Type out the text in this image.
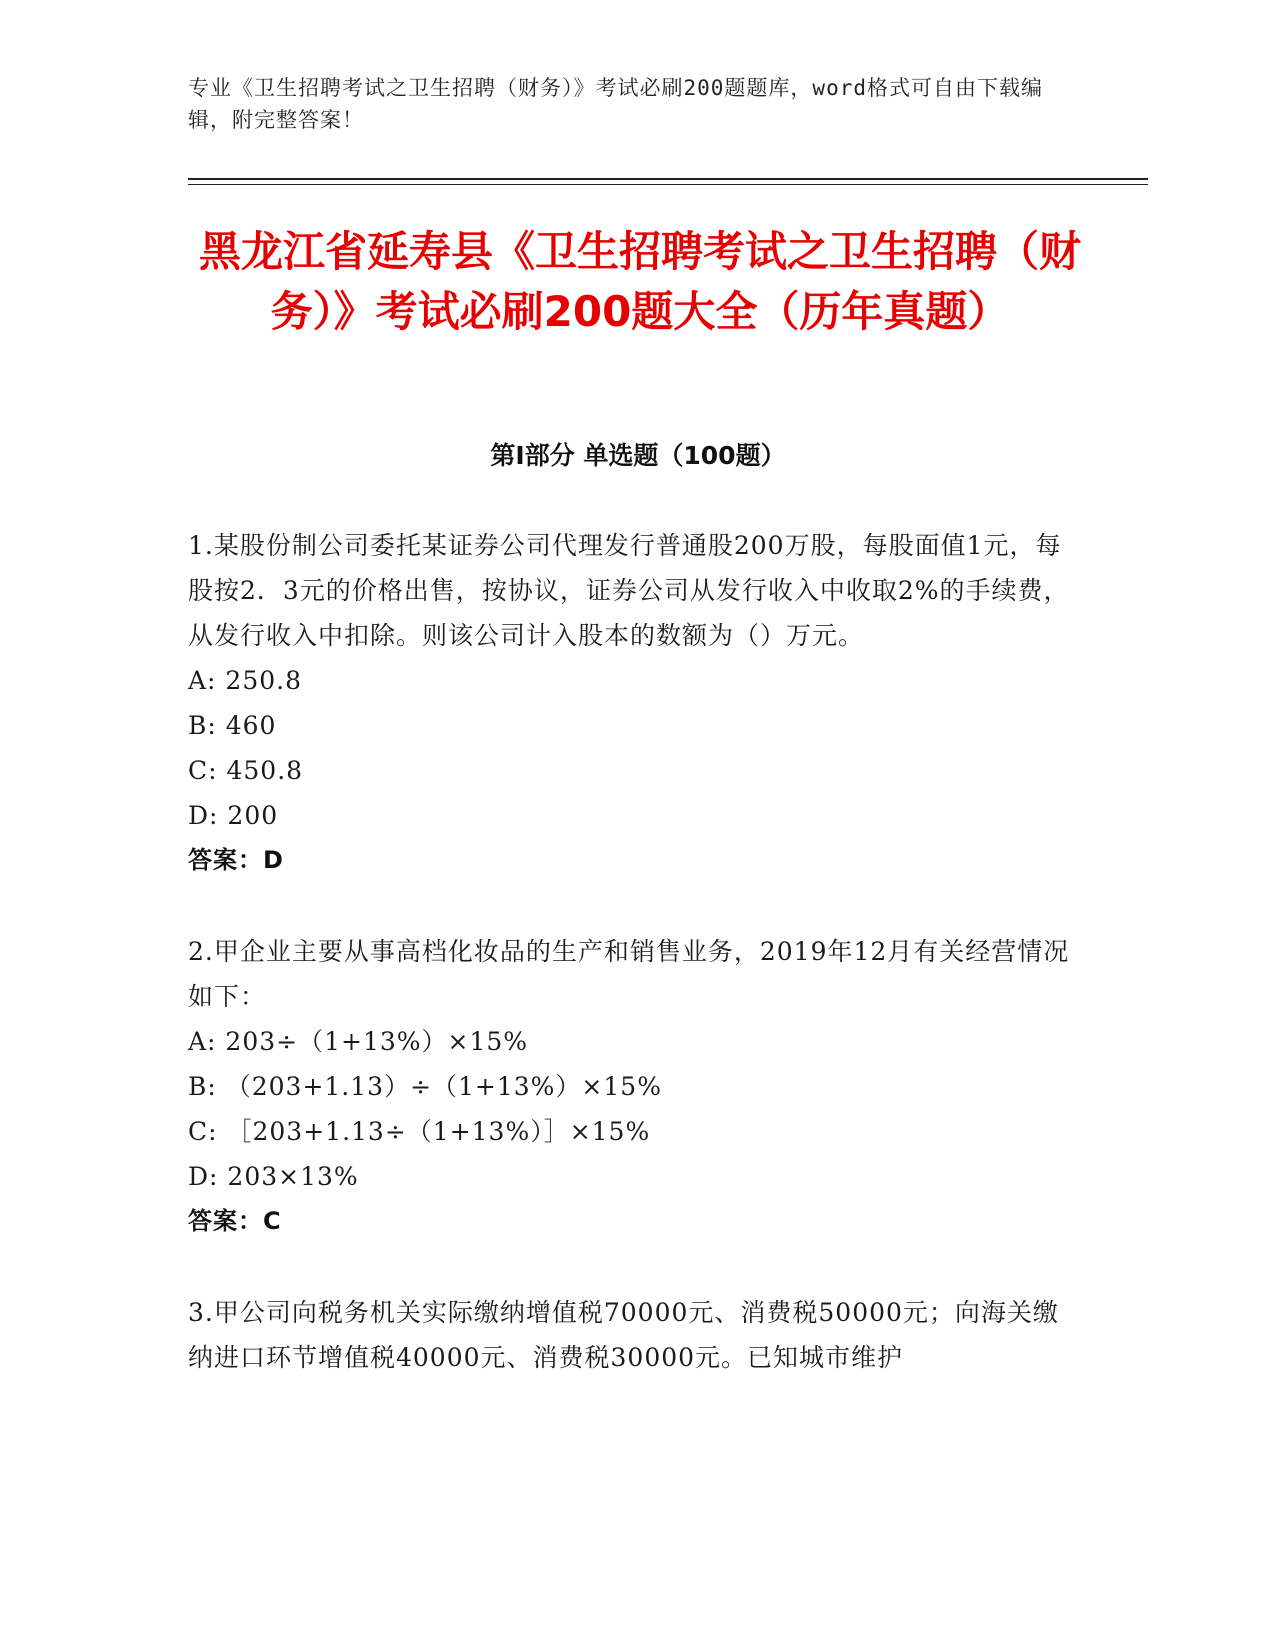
专业《卫生招聘考试之卫生招聘（财务）》考试必刷200题题库，word格式可自由下载编辑，附完整答案！
黑龙江省延寿县《卫生招聘考试之卫生招聘（财务）》考试必刷200题大全（历年真题）
第I部分 单选题（100题）

1.某股份制公司委托某证券公司代理发行普通股200万股，每股面值1元，每股按2．3元的价格出售，按协议，证券公司从发行收入中收取2%的手续费，从发行收入中扣除。则该公司计入股本的数额为（）万元。

A: 250.8

B: 460

C: 450.8

D: 200

答案：D

2.甲企业主要从事高档化妆品的生产和销售业务，2019年12月有关经营情况如下：

A: 203÷（1+13%）×15%

B: （203+1.13）÷（1+13%）×15%

C: ［203+1.13÷（1+13%）］×15%

D: 203×13%

答案：C

3.甲公司向税务机关实际缴纳增值税70000元、消费税50000元；向海关缴纳进口环节增值税40000元、消费税30000元。已知城市维护
